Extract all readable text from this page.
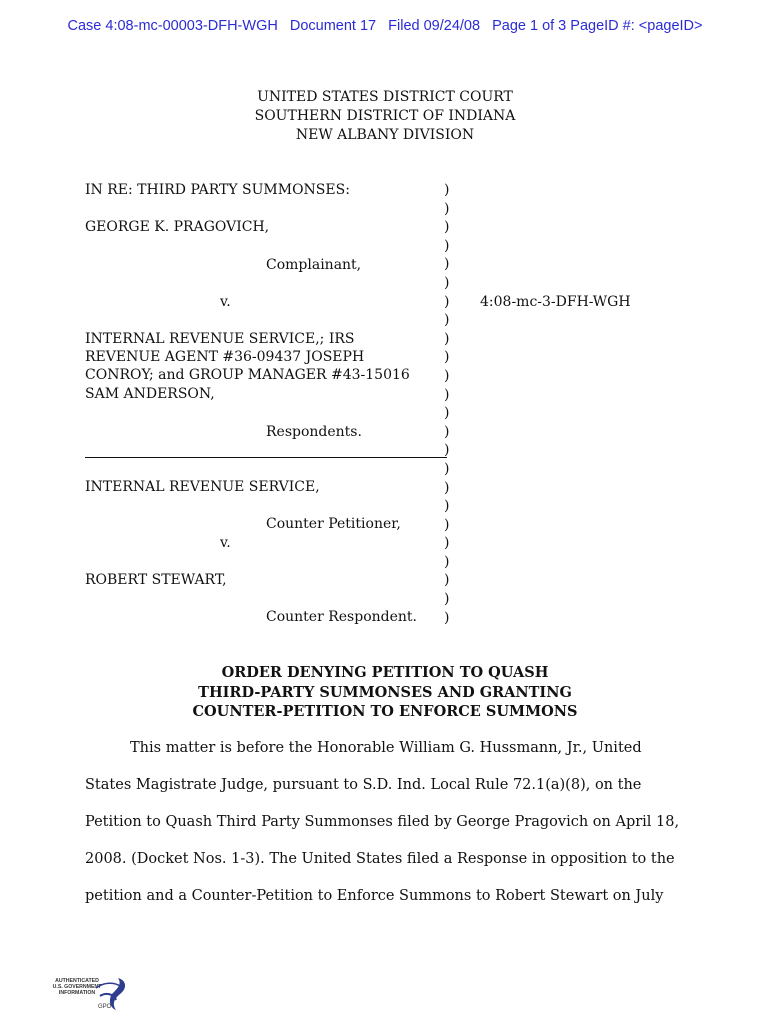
Case 4:08-mc-00003-DFH-WGH Document 17 Filed 09/24/08 Page 1 of 3 PageID #: <pageID>
UNITED STATES DISTRICT COURT
SOUTHERN DISTRICT OF INDIANA
NEW ALBANY DIVISION
IN RE: THIRD PARTY SUMMONSES:
GEORGE K. PRAGOVICH,
Complainant,
v.
INTERNAL REVENUE SERVICE,; IRS
REVENUE AGENT #36-09437 JOSEPH
CONROY; and GROUP MANAGER #43-15016
SAM ANDERSON,
Respondents.
INTERNAL REVENUE SERVICE,
Counter Petitioner,
v.
ROBERT STEWART,
Counter Respondent.
)
)
)
)
)
)
)
)
)
)
)
)
)
)
)
)
)
)
)
)
)
)
)
)
4:08-mc-3-DFH-WGH
ORDER DENYING PETITION TO QUASH
THIRD-PARTY SUMMONSES AND GRANTING
COUNTER-PETITION TO ENFORCE SUMMONS
This matter is before the Honorable William G. Hussmann, Jr., United
States Magistrate Judge, pursuant to S.D. Ind. Local Rule 72.1(a)(8), on the
Petition to Quash Third Party Summonses filed by George Pragovich on April 18,
2008. (Docket Nos. 1-3). The United States filed a Response in opposition to the
petition and a Counter-Petition to Enforce Summons to Robert Stewart on July
AUTHENTICATED
U.S. GOVERNMENT
INFORMATION
GPO
